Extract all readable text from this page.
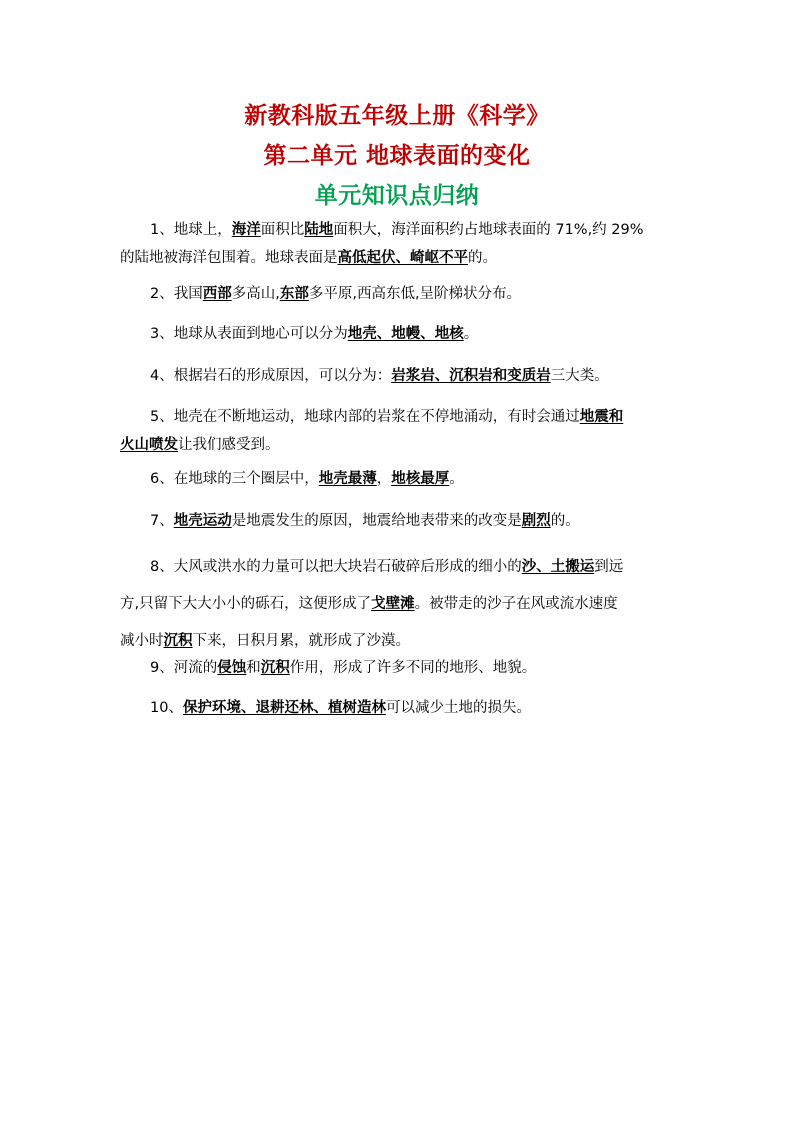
新教科版五年级上册《科学》
第二单元 地球表面的变化
单元知识点归纳
1、地球上，海洋面积比陆地面积大，海洋面积约占地球表面的 71%,约 29%
的陆地被海洋包围着。地球表面是高低起伏、崎岖不平的。
2、我国西部多高山,东部多平原,西高东低,呈阶梯状分布。
3、地球从表面到地心可以分为地壳、地幔、地核。
4、根据岩石的形成原因，可以分为：岩浆岩、沉积岩和变质岩三大类。
5、地壳在不断地运动，地球内部的岩浆在不停地涌动，有时会通过地震和
火山喷发让我们感受到。
6、在地球的三个圈层中，地壳最薄，地核最厚。
7、地壳运动是地震发生的原因，地震给地表带来的改变是剧烈的。
8、大风或洪水的力量可以把大块岩石破碎后形成的细小的沙、土搬运到远
方,只留下大大小小的砾石，这便形成了戈壁滩。被带走的沙子在风或流水速度
减小时沉积下来，日积月累，就形成了沙漠。
9、河流的侵蚀和沉积作用，形成了许多不同的地形、地貌。
10、保护环境、退耕还林、植树造林可以减少土地的损失。
